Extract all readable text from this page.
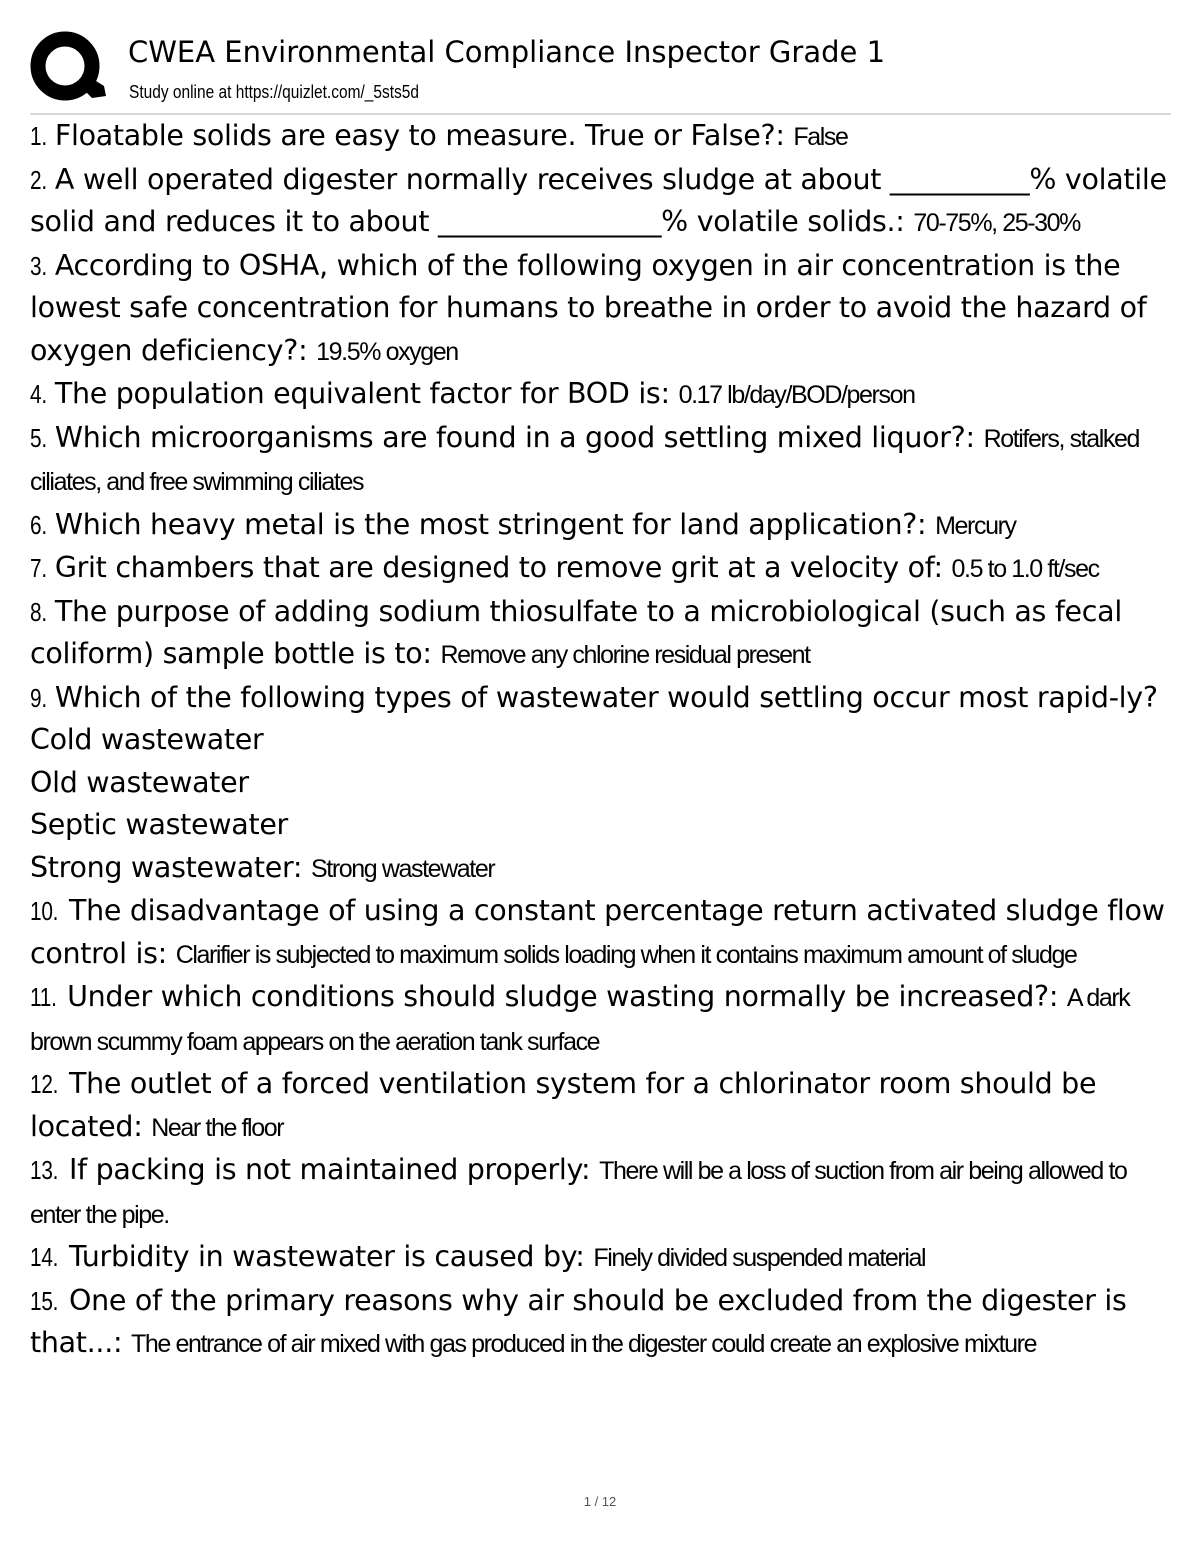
CWEA Environmental Compliance Inspector Grade 1
Study online at https://quizlet.com/_5sts5d

1. Floatable solids are easy to measure. True or False?: False

2. A well operated digester normally receives sludge at about __________% volatile solid and reduces it to about ________________% volatile solids.: 70-75%, 25-30%

3. According to OSHA, which of the following oxygen in air concentration is the lowest safe concentration for humans to breathe in order to avoid the hazard of oxygen deficiency?: 19.5% oxygen

4. The population equivalent factor for BOD is: 0.17 lb/day/BOD/person

5. Which microorganisms are found in a good settling mixed liquor?: Rotifers, stalked ciliates, and free swimming ciliates

6. Which heavy metal is the most stringent for land application?: Mercury

7. Grit chambers that are designed to remove grit at a velocity of: 0.5 to 1.0 ft/sec

8. The purpose of adding sodium thiosulfate to a microbiological (such as fecal coliform) sample bottle is to: Remove any chlorine residual present

9. Which of the following types of wastewater would settling occur most rapid-ly?
Cold wastewater
Old wastewater
Septic wastewater
Strong wastewater: Strong wastewater

10. The disadvantage of using a constant percentage return activated sludge flow control is: Clarifier is subjected to maximum solids loading when it contains maximum amount of sludge

11. Under which conditions should sludge wasting normally be increased?: A dark brown scummy foam appears on the aeration tank surface

12. The outlet of a forced ventilation system for a chlorinator room should be located: Near the floor

13. If packing is not maintained properly: There will be a loss of suction from air being allowed to enter the pipe.

14. Turbidity in wastewater is caused by: Finely divided suspended material

15. One of the primary reasons why air should be excluded from the digester is that...: The entrance of air mixed with gas produced in the digester could create an explosive mixture

1 / 12
